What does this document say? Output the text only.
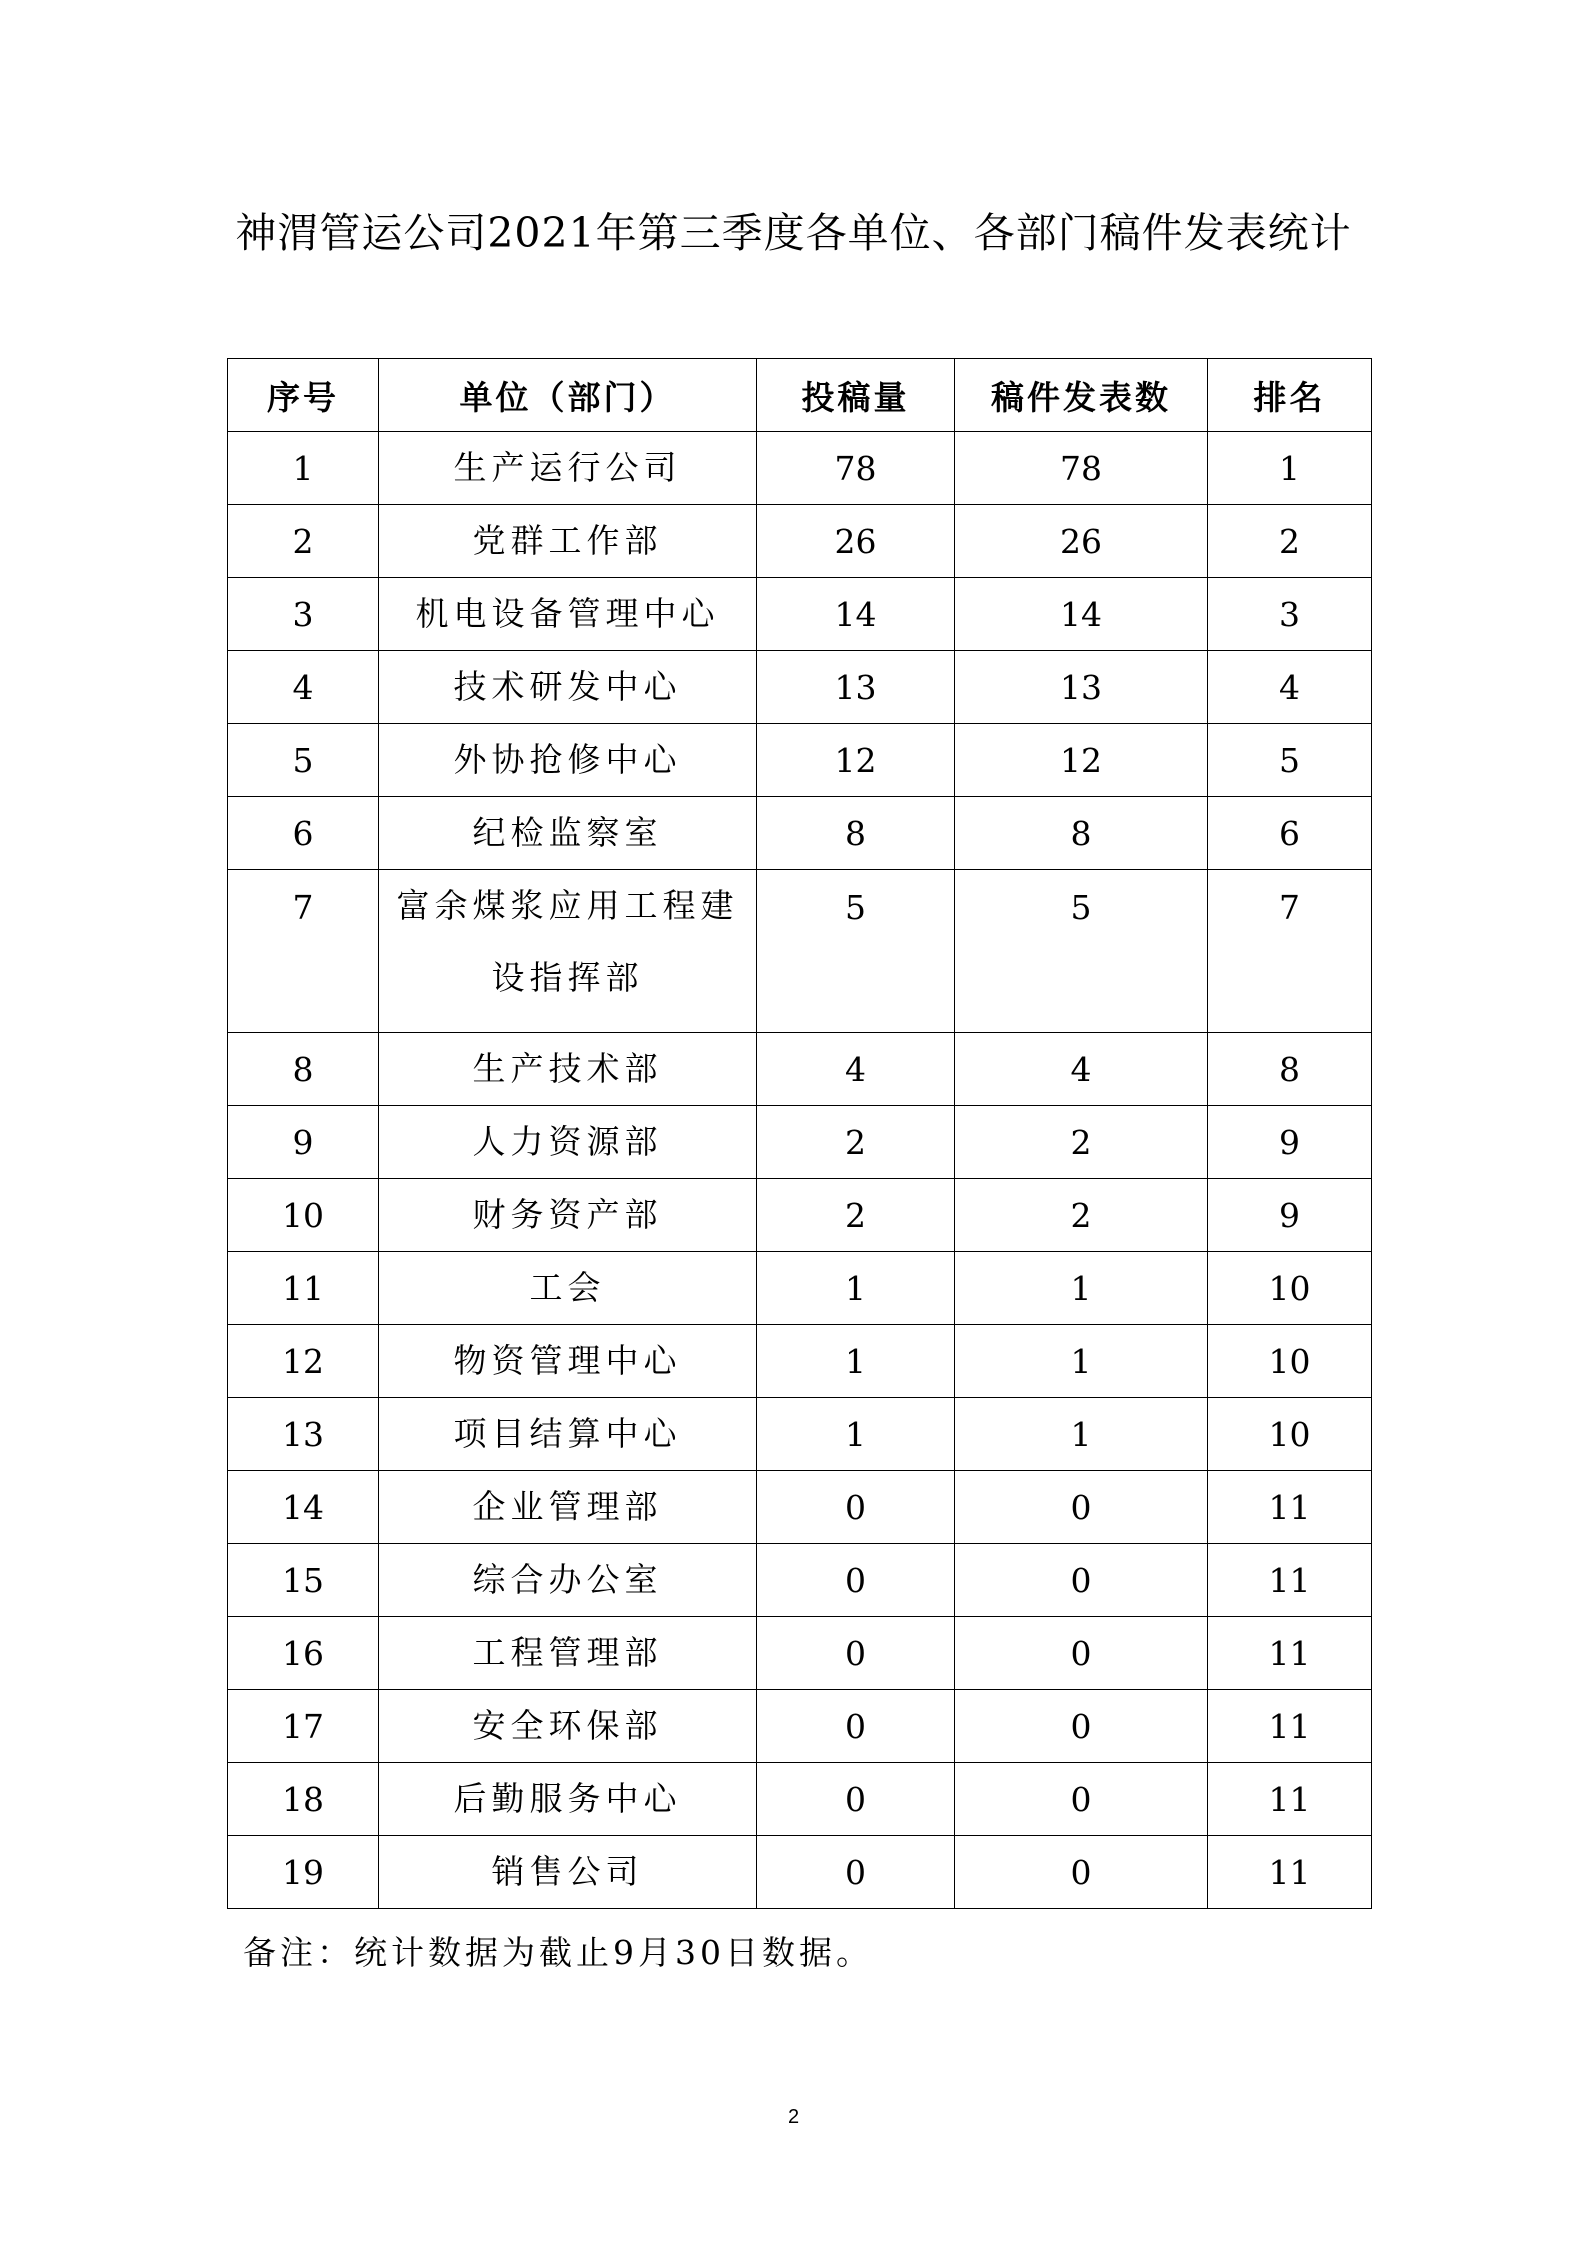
神渭管运公司2021年第三季度各单位、各部门稿件发表统计
序号	单位（部门）	投稿量	稿件发表数	排名
1	生产运行公司	78	78	1
2	党群工作部	26	26	2
3	机电设备管理中心	14	14	3
4	技术研发中心	13	13	4
5	外协抢修中心	12	12	5
6	纪检监察室	8	8	6
7	富余煤浆应用工程建设指挥部	5	5	7
8	生产技术部	4	4	8
9	人力资源部	2	2	9
10	财务资产部	2	2	9
11	工会	1	1	10
12	物资管理中心	1	1	10
13	项目结算中心	1	1	10
14	企业管理部	0	0	11
15	综合办公室	0	0	11
16	工程管理部	0	0	11
17	安全环保部	0	0	11
18	后勤服务中心	0	0	11
19	销售公司	0	0	11
备注：统计数据为截止9月30日数据。
2
